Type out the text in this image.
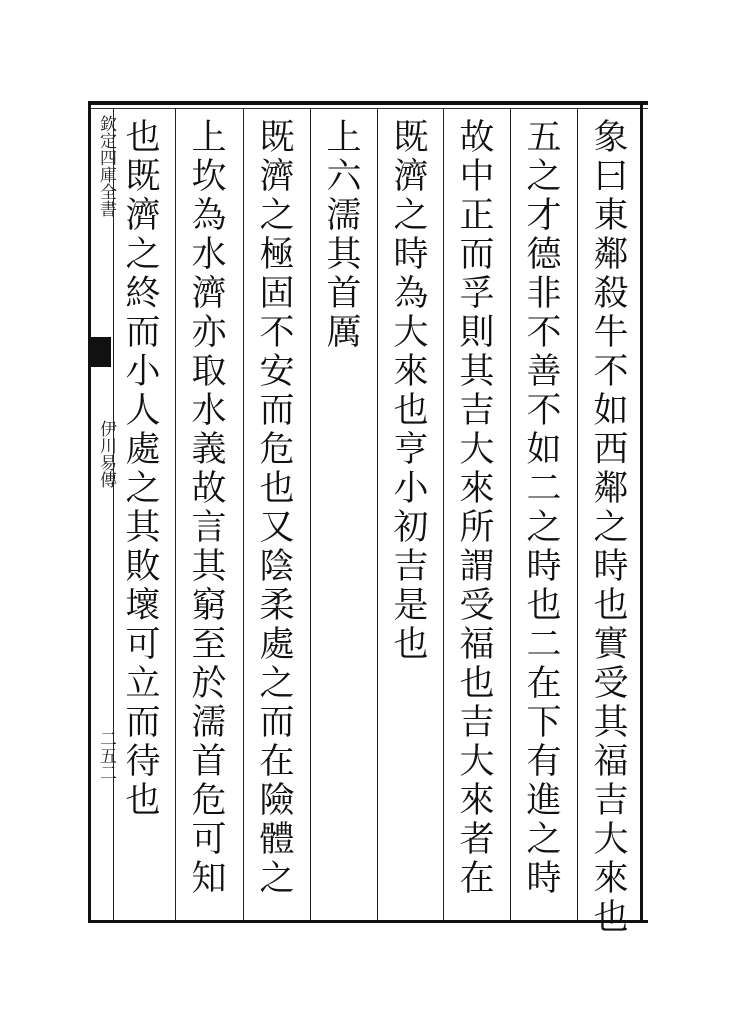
欽定四庫全書
伊川易傳
二五二	象曰東鄰殺牛不如西鄰之時也實受其福吉大來也
五之才德非不善不如二之時也二在下有進之時
故中正而孚則其吉大來所謂受福也吉大來者在
既濟之時為大來也亨小初吉是也
上六濡其首厲
既濟之極固不安而危也又陰柔處之而在險體之
上坎為水濟亦取水義故言其窮至於濡首危可知
也既濟之終而小人處之其敗壞可立而待也
